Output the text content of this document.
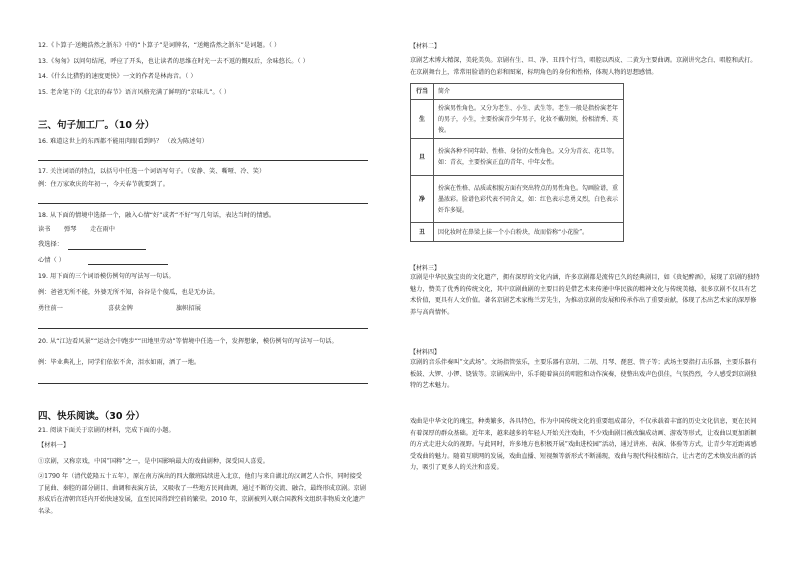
12.《卜算子·送鲍浩然之浙东》中的“卜算子”是词牌名，“送鲍浩然之浙东”是词题。（ ）
13.《匆匆》以问句结尾，呼应了开头，也让读者的思维在时光一去不返的慨叹后，余味悠长。（ ）
14.《什么比猎豹的速度更快》一文的作者是林海音。（ ）
15. 老舍笔下的《北京的春节》语言风格充满了鲜明的“京味儿”。（ ）
三、句子加工厂。（10 分）
16. 难道这世上的东西都不能用肉眼看到吗？ （改为陈述句）
17. 关注词语的特点，以括号中任选一个词语写句子。（安静、笑、嘶哑、冷、笑）
例：住万家欢庆的年初一，今天春节就要到了。
18. 从下面的情境中选择一个，融入心情“好”或者“不好”写几句话，表达当时的情感。
读书 弹琴 走在雨中
我选择：
心情（ ）
19. 用下面的三个词语模仿例句的写法写一句话。
例：爸爸无所不能，外婆无所不知，谷谷是个傻瓜，也是无办法。
勇往前一	喜获金牌	旗帜招展
20. 从“江边看风景”“运动会中跑步”“田地里劳动”等情境中任选一个，发挥想象，模仿例句的写法写一句话。
例：毕业典礼上，同学们依依不舍，泪水如雨，洒了一地。
四、快乐阅读。（30 分）
21. 阅读下面关于京剧的材料，完成下面的小题。
【材料一】
①京剧，又称京戏，中国“国粹”之一，是中国影响最大的戏曲剧种，深受国人喜爱。
②1790 年（清代乾隆五十五年），原在南方演出的四大徽班陆续进入北京，他们与来自湖北的汉调艺人合作，同时接受了昆曲、秦腔的部分剧目、曲调和表演方法，又吸收了一些地方民间曲调，通过不断的交流、融合，最终形成京剧。京剧形成后在清朝宫廷内开始快速发展，直至民国得到空前的繁荣。2010 年，京剧被列入联合国教科文组织非物质文化遗产名录。
【材料二】
京剧艺术博大精深，美轮美奂。京剧有生、旦、净、丑四个行当，唱腔以西皮、二黄为主要曲调。京剧讲究念白、唱腔和武打。在京剧舞台上，常常用脸谱的色彩和图案，标明角色的身份和性格，体现人物的思想感情。
行当	简介
生	扮演男性角色。又分为老生、小生、武生等。老生一般是指扮演老年的男子，小生，主要扮演青少年男子，化妆不戴胡须，扮相清秀、英俊。
旦	扮演各种不同年龄、性格、身份的女性角色。又分为青衣、花旦等。如：青衣，主要扮演正直的青年、中年女性。
净	扮演在性格、品质或相貌方面有突出特点的男性角色。勾画脸谱，重墨浓彩。脸谱色彩代表不同含义，如：红色表示忠勇义烈，白色表示奸诈多疑。
丑	因化妆时在鼻梁上抹一个小白粉块，故而俗称“小花脸”。
【材料三】
京剧是中华民族宝贵的文化遗产，拥有深厚的文化内涵，许多京剧都是流传已久的经典剧目，如《贵妃醉酒》，展现了京剧的独特魅力，赞美了优秀的传统文化，其中京剧曲剧的主要目的是借艺术来传递中华民族的精神文化与传统美德，很多京剧不仅具有艺术价值，更具有人文价值。著名京剧艺术家梅兰芳先生，为推动京剧的发展和传承作出了重要贡献，体现了杰出艺术家的深厚修养与高尚情怀。
【材料四】
京剧的音乐伴奏叫“文武场”。文场指管弦乐，主要乐器有京胡、二胡、月琴、琵琶、管子等；武场主要指打击乐器，主要乐器有板鼓、大锣、小锣、铙钹等。京剧演出中，乐手随着演员的唱腔和动作演奏，使整出戏声色俱佳，气氛热烈，令人感受到京剧独特的艺术魅力。
戏曲是中华文化的瑰宝，种类繁多，各具特色，作为中国传统文化的重要组成部分，不仅承载着丰富的历史文化信息，更在民间有着深厚的群众基础。近年来，越来越多的年轻人开始关注戏曲，不少戏曲剧目被改编成动画、游戏等形式，让戏曲以更加新颖的方式走进大众的视野。与此同时，许多地方也积极开展“戏曲进校园”活动，通过讲座、表演、体验等方式，让青少年近距离感受戏曲的魅力。随着互联网的发展，戏曲直播、短视频等新形式不断涌现，戏曲与现代科技相结合，让古老的艺术焕发出新的活力，吸引了更多人的关注和喜爱。
